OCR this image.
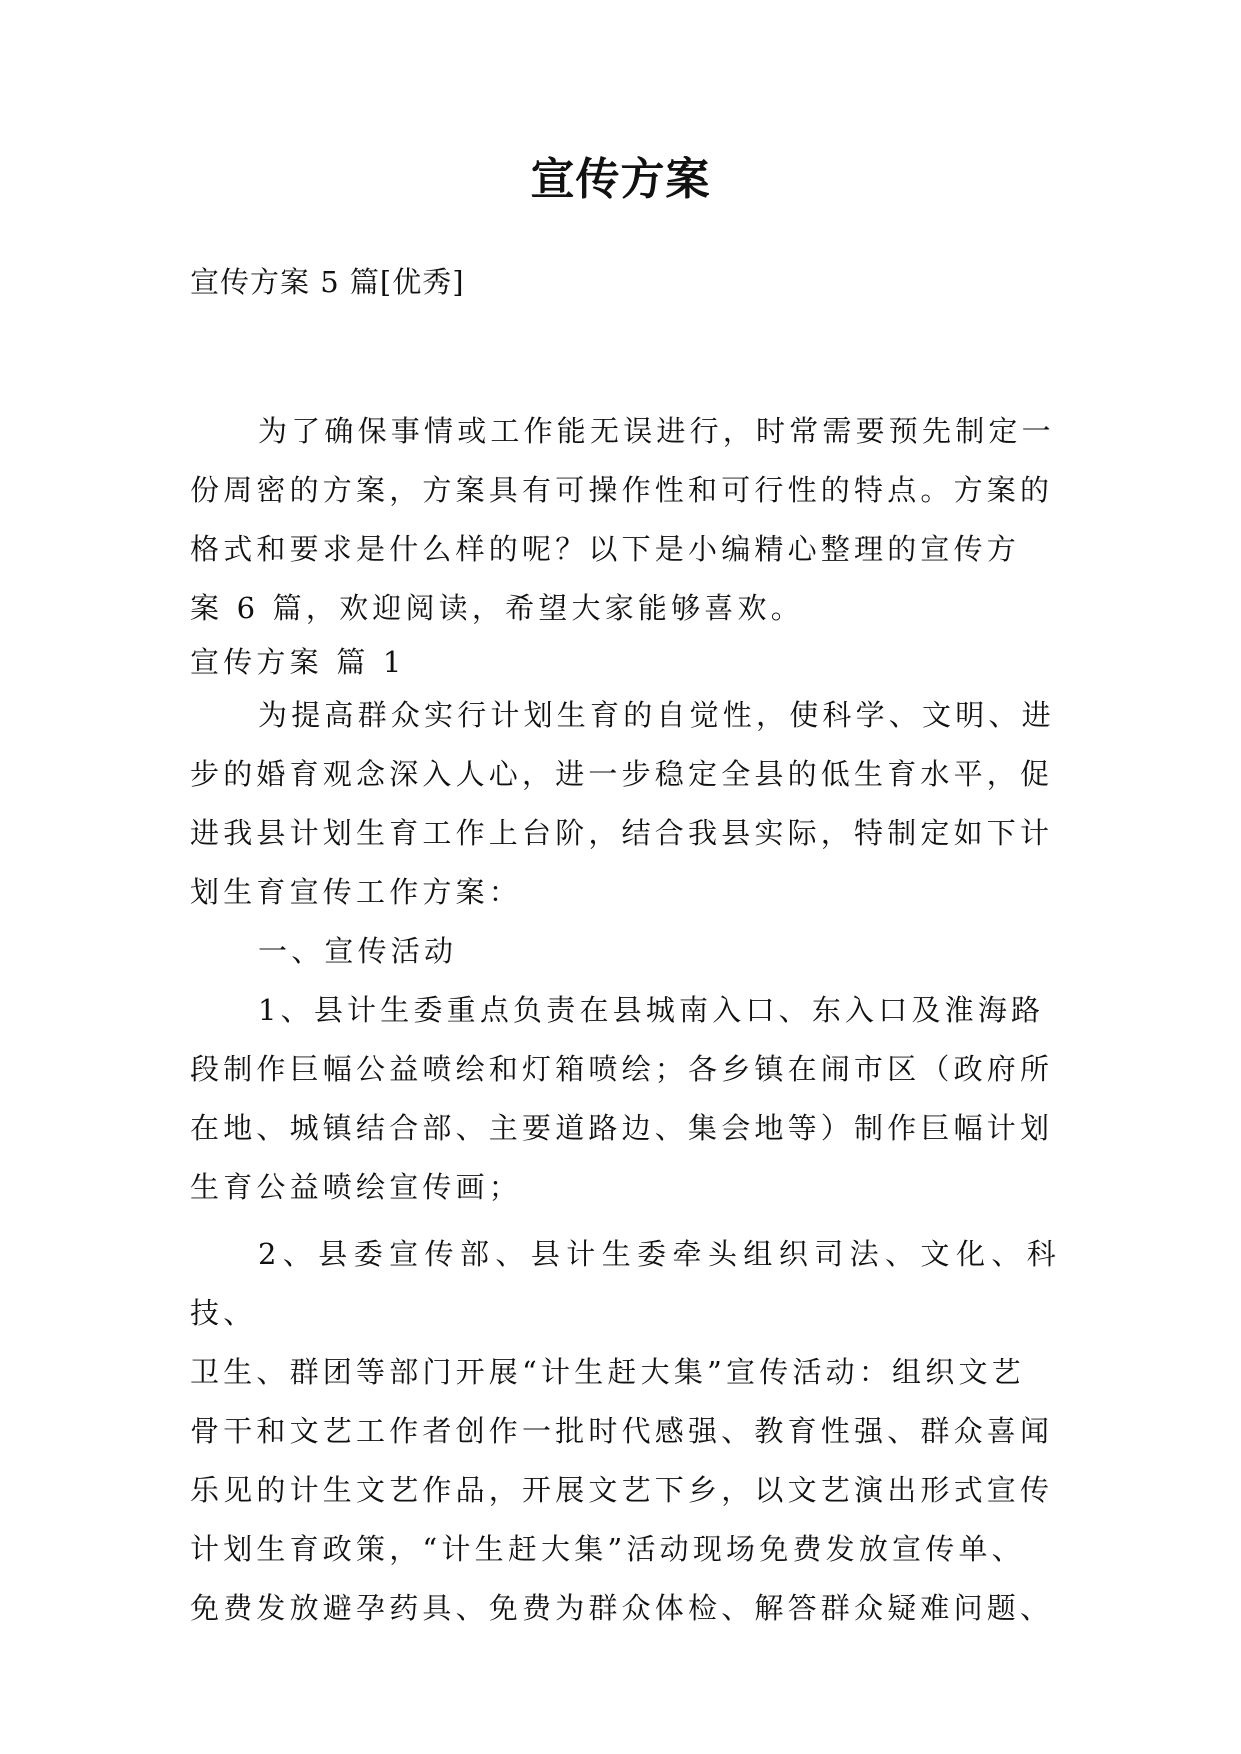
宣传方案
宣传方案 5 篇[优秀]

为了确保事情或工作能无误进行，时常需要预先制定一

份周密的方案，方案具有可操作性和可行性的特点。方案的

格式和要求是什么样的呢？以下是小编精心整理的宣传方

案 6 篇，欢迎阅读，希望大家能够喜欢。

宣传方案 篇 1

为提高群众实行计划生育的自觉性，使科学、文明、进

步的婚育观念深入人心，进一步稳定全县的低生育水平，促

进我县计划生育工作上台阶，结合我县实际，特制定如下计

划生育宣传工作方案：

一、宣传活动

1、县计生委重点负责在县城南入口、东入口及淮海路

段制作巨幅公益喷绘和灯箱喷绘；各乡镇在闹市区（政府所

在地、城镇结合部、主要道路边、集会地等）制作巨幅计划

生育公益喷绘宣传画；

2、县委宣传部、县计生委牵头组织司法、文化、科技、

卫生、群团等部门开展“计生赶大集”宣传活动：组织文艺

骨干和文艺工作者创作一批时代感强、教育性强、群众喜闻

乐见的计生文艺作品，开展文艺下乡，以文艺演出形式宣传

计划生育政策，“计生赶大集”活动现场免费发放宣传单、

免费发放避孕药具、免费为群众体检、解答群众疑难问题、
